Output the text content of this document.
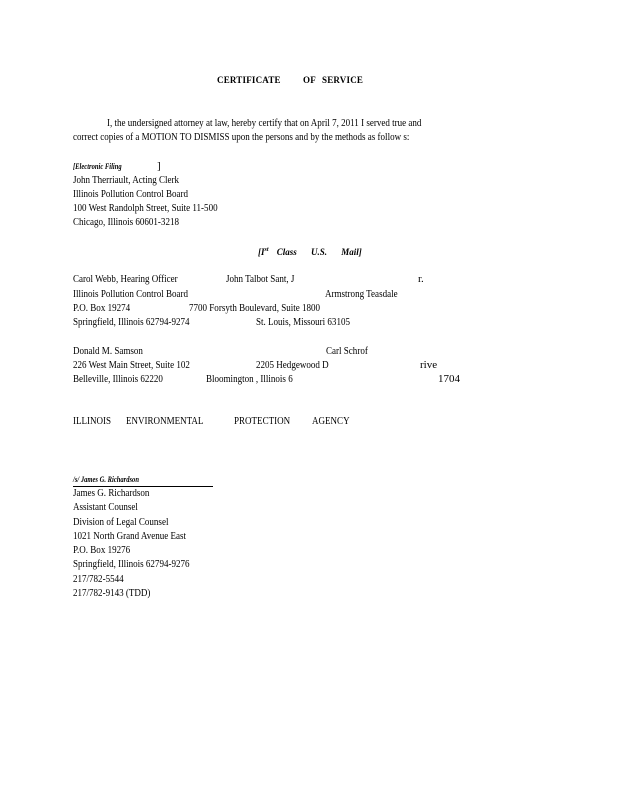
CERTIFICATE OF SERVICE
I, the undersigned attorney at law, hereby certify that on April 7, 2011 I served true and
correct copies of a MOTION TO DISMISS upon the persons and by the methods as follow s:
[Electronic Filing	]
John Therriault, Acting Clerk
Illinois Pollution Control Board
100 West Randolph Street, Suite 11-500
Chicago, Illinois 60601-3218
[Ist Class U.S. Mail]
Carol Webb, Hearing Officer
Illinois Pollution Control Board
P.O. Box 19274
Springfield, Illinois 62794-9274
John Talbot Sant, J	r.
Armstrong Teasdale
7700 Forsyth Boulevard, Suite 1800
St. Louis, Missouri 63105
Donald M. Samson
226 West Main Street, Suite 102
Belleville, Illinois 62220
Carl Schrof
2205 Hedgewood D	rive
Bloomington , Illinois 6	1704
ILLINOIS	ENVIRONMENTAL	PROTECTION	AGENCY
/s/ James G. Richardson
James G. Richardson
Assistant Counsel
Division of Legal Counsel
1021 North Grand Avenue East
P.O. Box 19276
Springfield, Illinois 62794-9276
217/782-5544
217/782-9143 (TDD)
